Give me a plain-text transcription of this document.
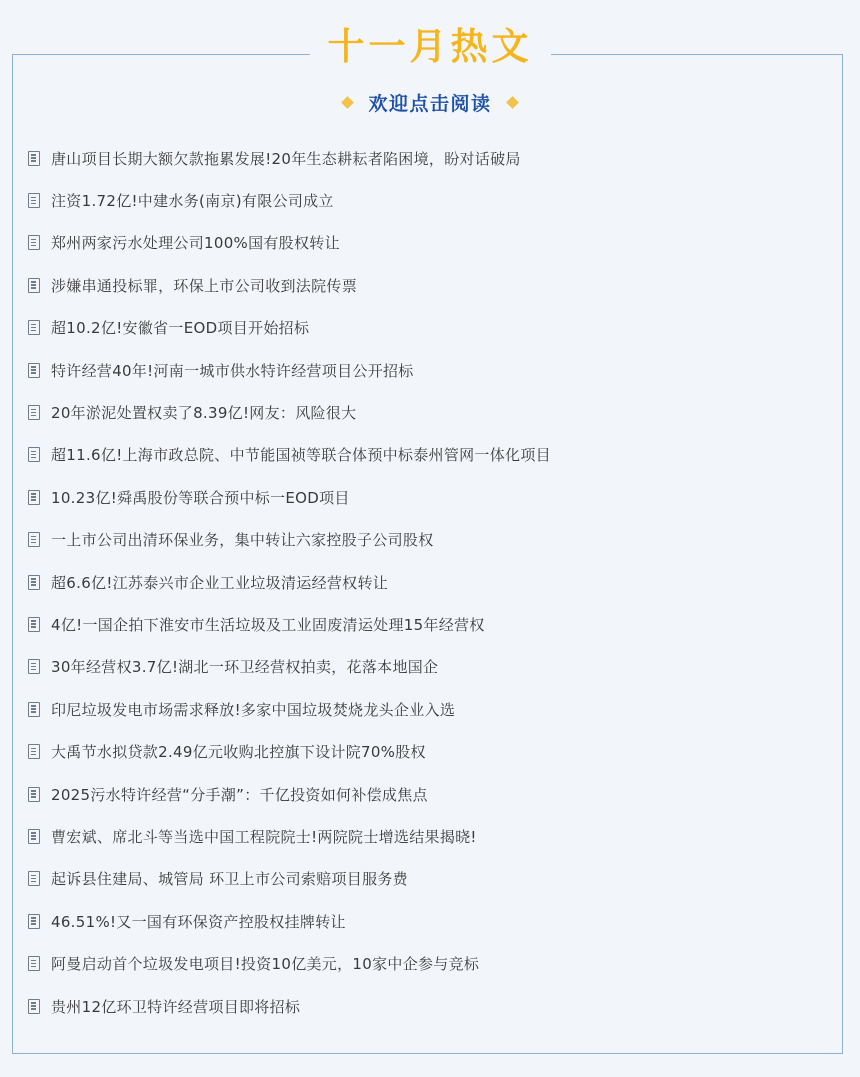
十一月热文
欢迎点击阅读
唐山项目长期大额欠款拖累发展!20年生态耕耘者陷困境，盼对话破局
注资1.72亿!中建水务(南京)有限公司成立
郑州两家污水处理公司100%国有股权转让
涉嫌串通投标罪，环保上市公司收到法院传票
超10.2亿!安徽省一EOD项目开始招标
特许经营40年!河南一城市供水特许经营项目公开招标
20年淤泥处置权卖了8.39亿!网友：风险很大
超11.6亿!上海市政总院、中节能国祯等联合体预中标泰州管网一体化项目
10.23亿!舜禹股份等联合预中标一EOD项目
一上市公司出清环保业务，集中转让六家控股子公司股权
超6.6亿!江苏泰兴市企业工业垃圾清运经营权转让
4亿!一国企拍下淮安市生活垃圾及工业固废清运处理15年经营权
30年经营权3.7亿!湖北一环卫经营权拍卖，花落本地国企
印尼垃圾发电市场需求释放!多家中国垃圾焚烧龙头企业入选
大禹节水拟贷款2.49亿元收购北控旗下设计院70%股权
2025污水特许经营“分手潮”：千亿投资如何补偿成焦点
曹宏斌、席北斗等当选中国工程院院士!两院院士增选结果揭晓!
起诉县住建局、城管局 环卫上市公司索赔项目服务费
46.51%!又一国有环保资产控股权挂牌转让
阿曼启动首个垃圾发电项目!投资10亿美元，10家中企参与竞标
贵州12亿环卫特许经营项目即将招标
